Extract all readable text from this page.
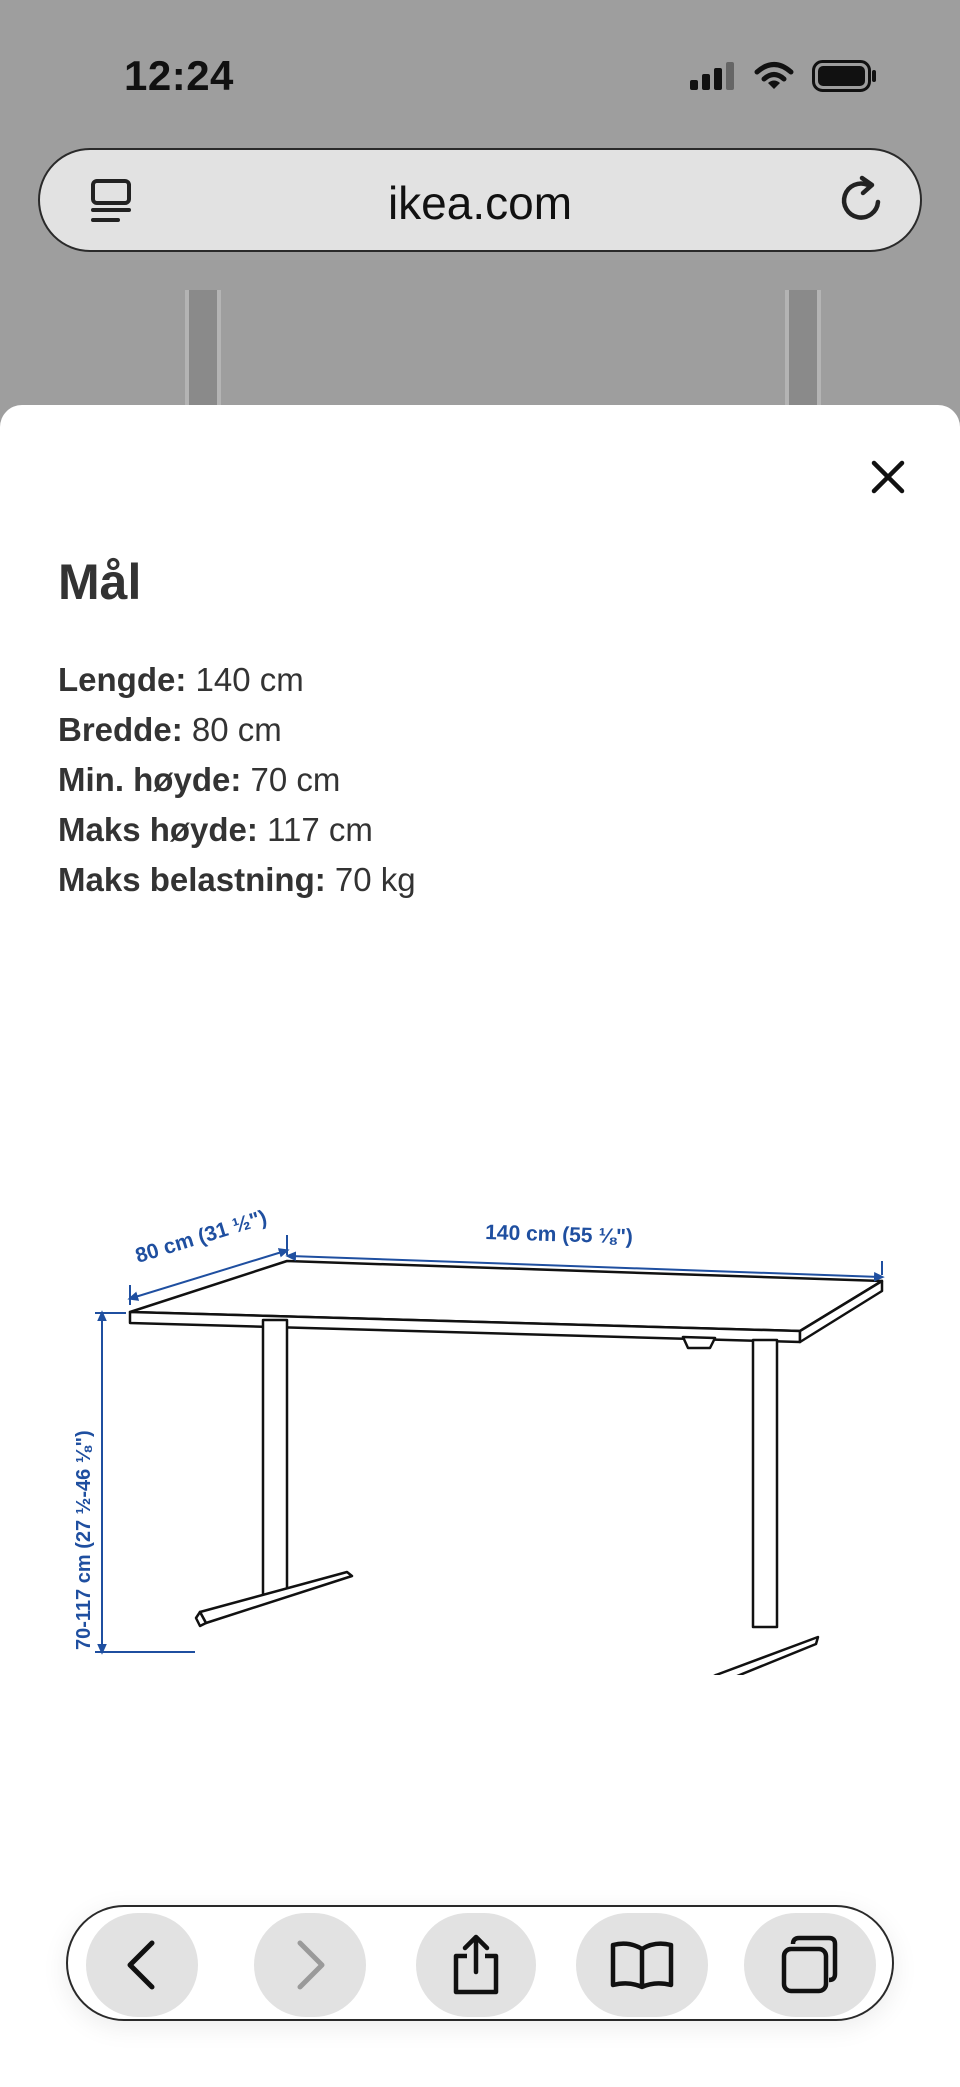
12:24
ikea.com
Mål
Lengde: 140 cm
Bredde: 80 cm
Min. høyde: 70 cm
Maks høyde: 117 cm
Maks belastning: 70 kg
80 cm (31 ½")	140 cm (55 ⅛")
70-117 cm (27 ½-46 ⅛")
